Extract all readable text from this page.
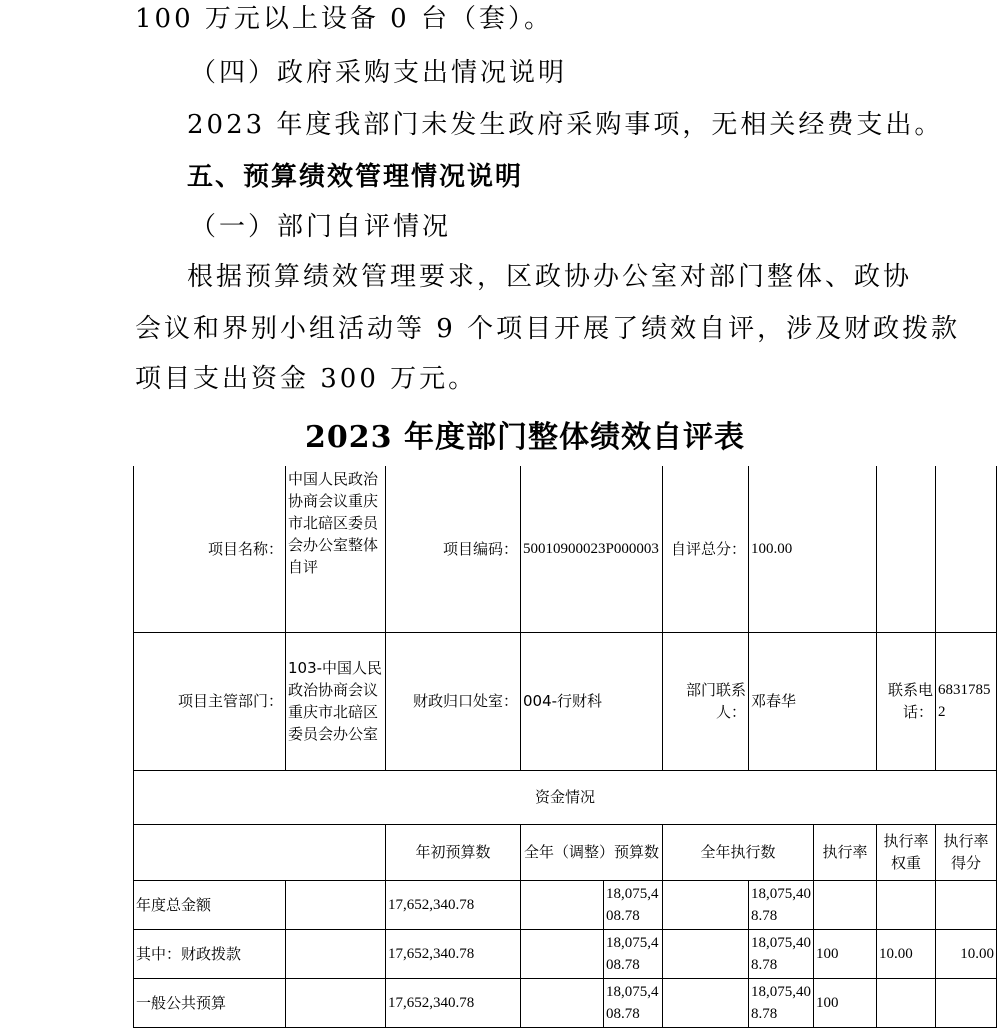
100 万元以上设备 0 台（套）。

（四）政府采购支出情况说明

2023 年度我部门未发生政府采购事项，无相关经费支出。

五、预算绩效管理情况说明

（一）部门自评情况

根据预算绩效管理要求，区政协办公室对部门整体、政协

会议和界别小组活动等 9 个项目开展了绩效自评，涉及财政拨款

项目支出资金 300 万元。

2023 年度部门整体绩效自评表
项目名称：	中国人民政治协商会议重庆市北碚区委员会办公室整体自评	项目编码：	50010900023P000003		自评总分：	100.00			
项目主管部门：	103-中国人民政治协商会议重庆市北碚区委员会办公室	财政归口处室：	004-行财科		部门联系人：	邓春华		联系电话：	68317852
资金情况									
		年初预算数	全年（调整）预算数		全年执行数		执行率	执行率权重	执行率得分
年度总金额		17,652,340.78		18,075,408.78		18,075,408.78			
其中：财政拨款		17,652,340.78		18,075,408.78		18,075,408.78	100	10.00	10.00
一般公共预算		17,652,340.78		18,075,408.78		18,075,408.78	100		
